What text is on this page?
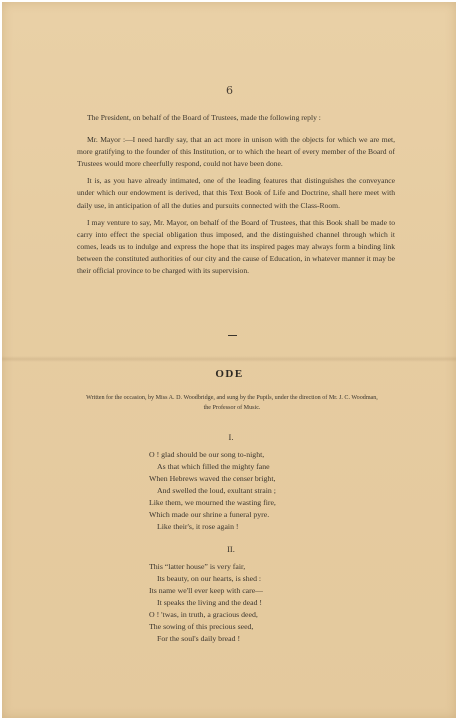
6

The President, on behalf of the Board of Trustees, made the following reply :

Mr. Mayor :—I need hardly say, that an act more in unison with the objects for which we are met, more gratifying to the founder of this Institution, or to which the heart of every member of the Board of Trustees would more cheerfully respond, could not have been done.

It is, as you have already intimated, one of the leading features that distinguishes the conveyance under which our endowment is derived, that this Text Book of Life and Doctrine, shall here meet with daily use, in anticipation of all the duties and pursuits connected with the Class-Room.

I may venture to say, Mr. Mayor, on behalf of the Board of Trustees, that this Book shall be made to carry into effect the special obligation thus imposed, and the distinguished channel through which it comes, leads us to indulge and express the hope that its inspired pages may always form a binding link between the constituted authorities of our city and the cause of Education, in whatever manner it may be their official province to be charged with its supervision.

ODE
Written for the occasion, by Miss A. D. Woodbridge, and sung by the Pupils, under the direction of Mr. J. C. Woodman, the Professor of Music.
I.
O ! glad should be our song to-night,
As that which filled the mighty fane
When Hebrews waved the censer bright,
And swelled the loud, exultant strain ;
Like them, we mourned the wasting fire,
Which made our shrine a funeral pyre.
Like their's, it rose again !
II.
This “latter house” is very fair,
Its beauty, on our hearts, is shed :
Its name we'll ever keep with care—
It speaks the living and the dead !
O ! 'twas, in truth, a gracious deed,
The sowing of this precious seed,
For the soul's daily bread !
